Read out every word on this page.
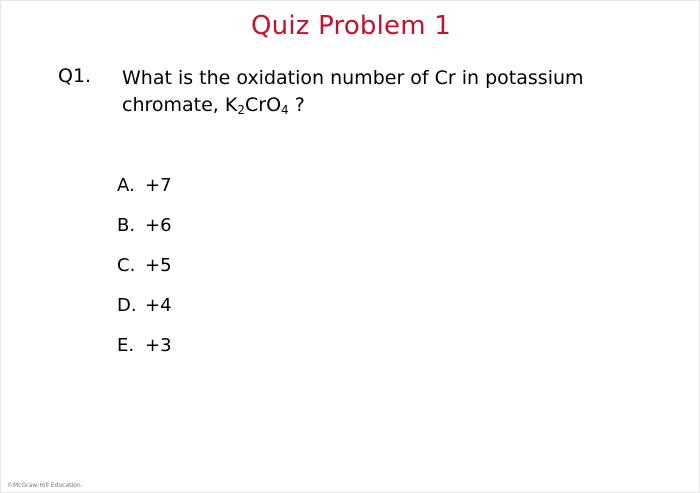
Quiz Problem 1
Q1. What is the oxidation number of Cr in potassium
chromate, $K_2CrO_4$ ?
A. +7
B. +6
C. +5
D. +4
E. +3
©McGraw-Hill Education.
